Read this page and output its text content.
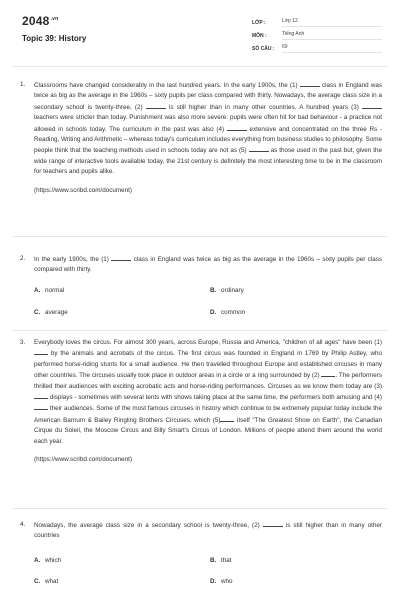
$2048^{.vn}$
Topic 39: History
LỚP :	Lớp 12
MÔN :	Tiếng Anh
SỐ CÂU :	69
1.	Classrooms have changed considerably in the last hundred years. In the early 1900s, the (1)	class in England was twice as big as the average in the 1960s – sixty pupils per class compared with thirty. Nowadays, the average class size in a secondary school is twenty-three, (2)	is still higher than in many other countries. A hundred years (3)  teachers were stricter than today. Punishment was also more severe: pupils were often hit for bad behaviour - a practice not allowed in schools today. The curriculum in the past was also (4)	extensive and concentrated on the three Rs - Reading, Writing and Arithmetic – whereas today's curriculum includes everything from business studies to philosophy. Some people think that the teaching methods used in schools today are not as (5)	as those used in the past but, given the wide range of interactive tools available today, the 21st century is definitely the most interesting time to be in the classroom for teachers and pupils alike.
(https://www.scribd.com/document)
2.	In the early 1900s, the (1)	class in England was twice as big as the average in the 1960s – sixty pupils per class compared with thirty.
A. normal	B. ordinary
C. average	D. common
3.	Everybody loves the circus. For almost 300 years, across Europe, Russia and America, "children of all ages" have been (1)  by the animals and acrobats of the circus. The first circus was founded in England in 1769 by Philip Astley, who performed horse-riding stunts for a small audience. He then travelled throughout Europe and established circuses in many other countries. The circuses usually took place in outdoor areas in a circle or a ring surrounded by (2)	. The performers thrilled their audiences with exciting acrobatic acts and horse-riding performances. Circuses as we know them today are (3)  displays - sometimes with several tents with shows taking place at the same time, the performers both amusing and (4)  their audiences. Some of the most famous circuses in history which continue to be extremely popular today include the American Barnum & Bailey Ringling Brothers Circuses, which (5)	itself "The Greatest Show on Earth", the Canadian Cirque du Soleil, the Moscow Circus and Billy Smart's Circus of London. Millions of people attend them around the world each year.
(https://www.scribd.com/document)
4.	Nowadays, the average class size in a secondary school is twenty-three, (2)	is still higher than in many other countries
A. which	B. that
C. what	D. who
